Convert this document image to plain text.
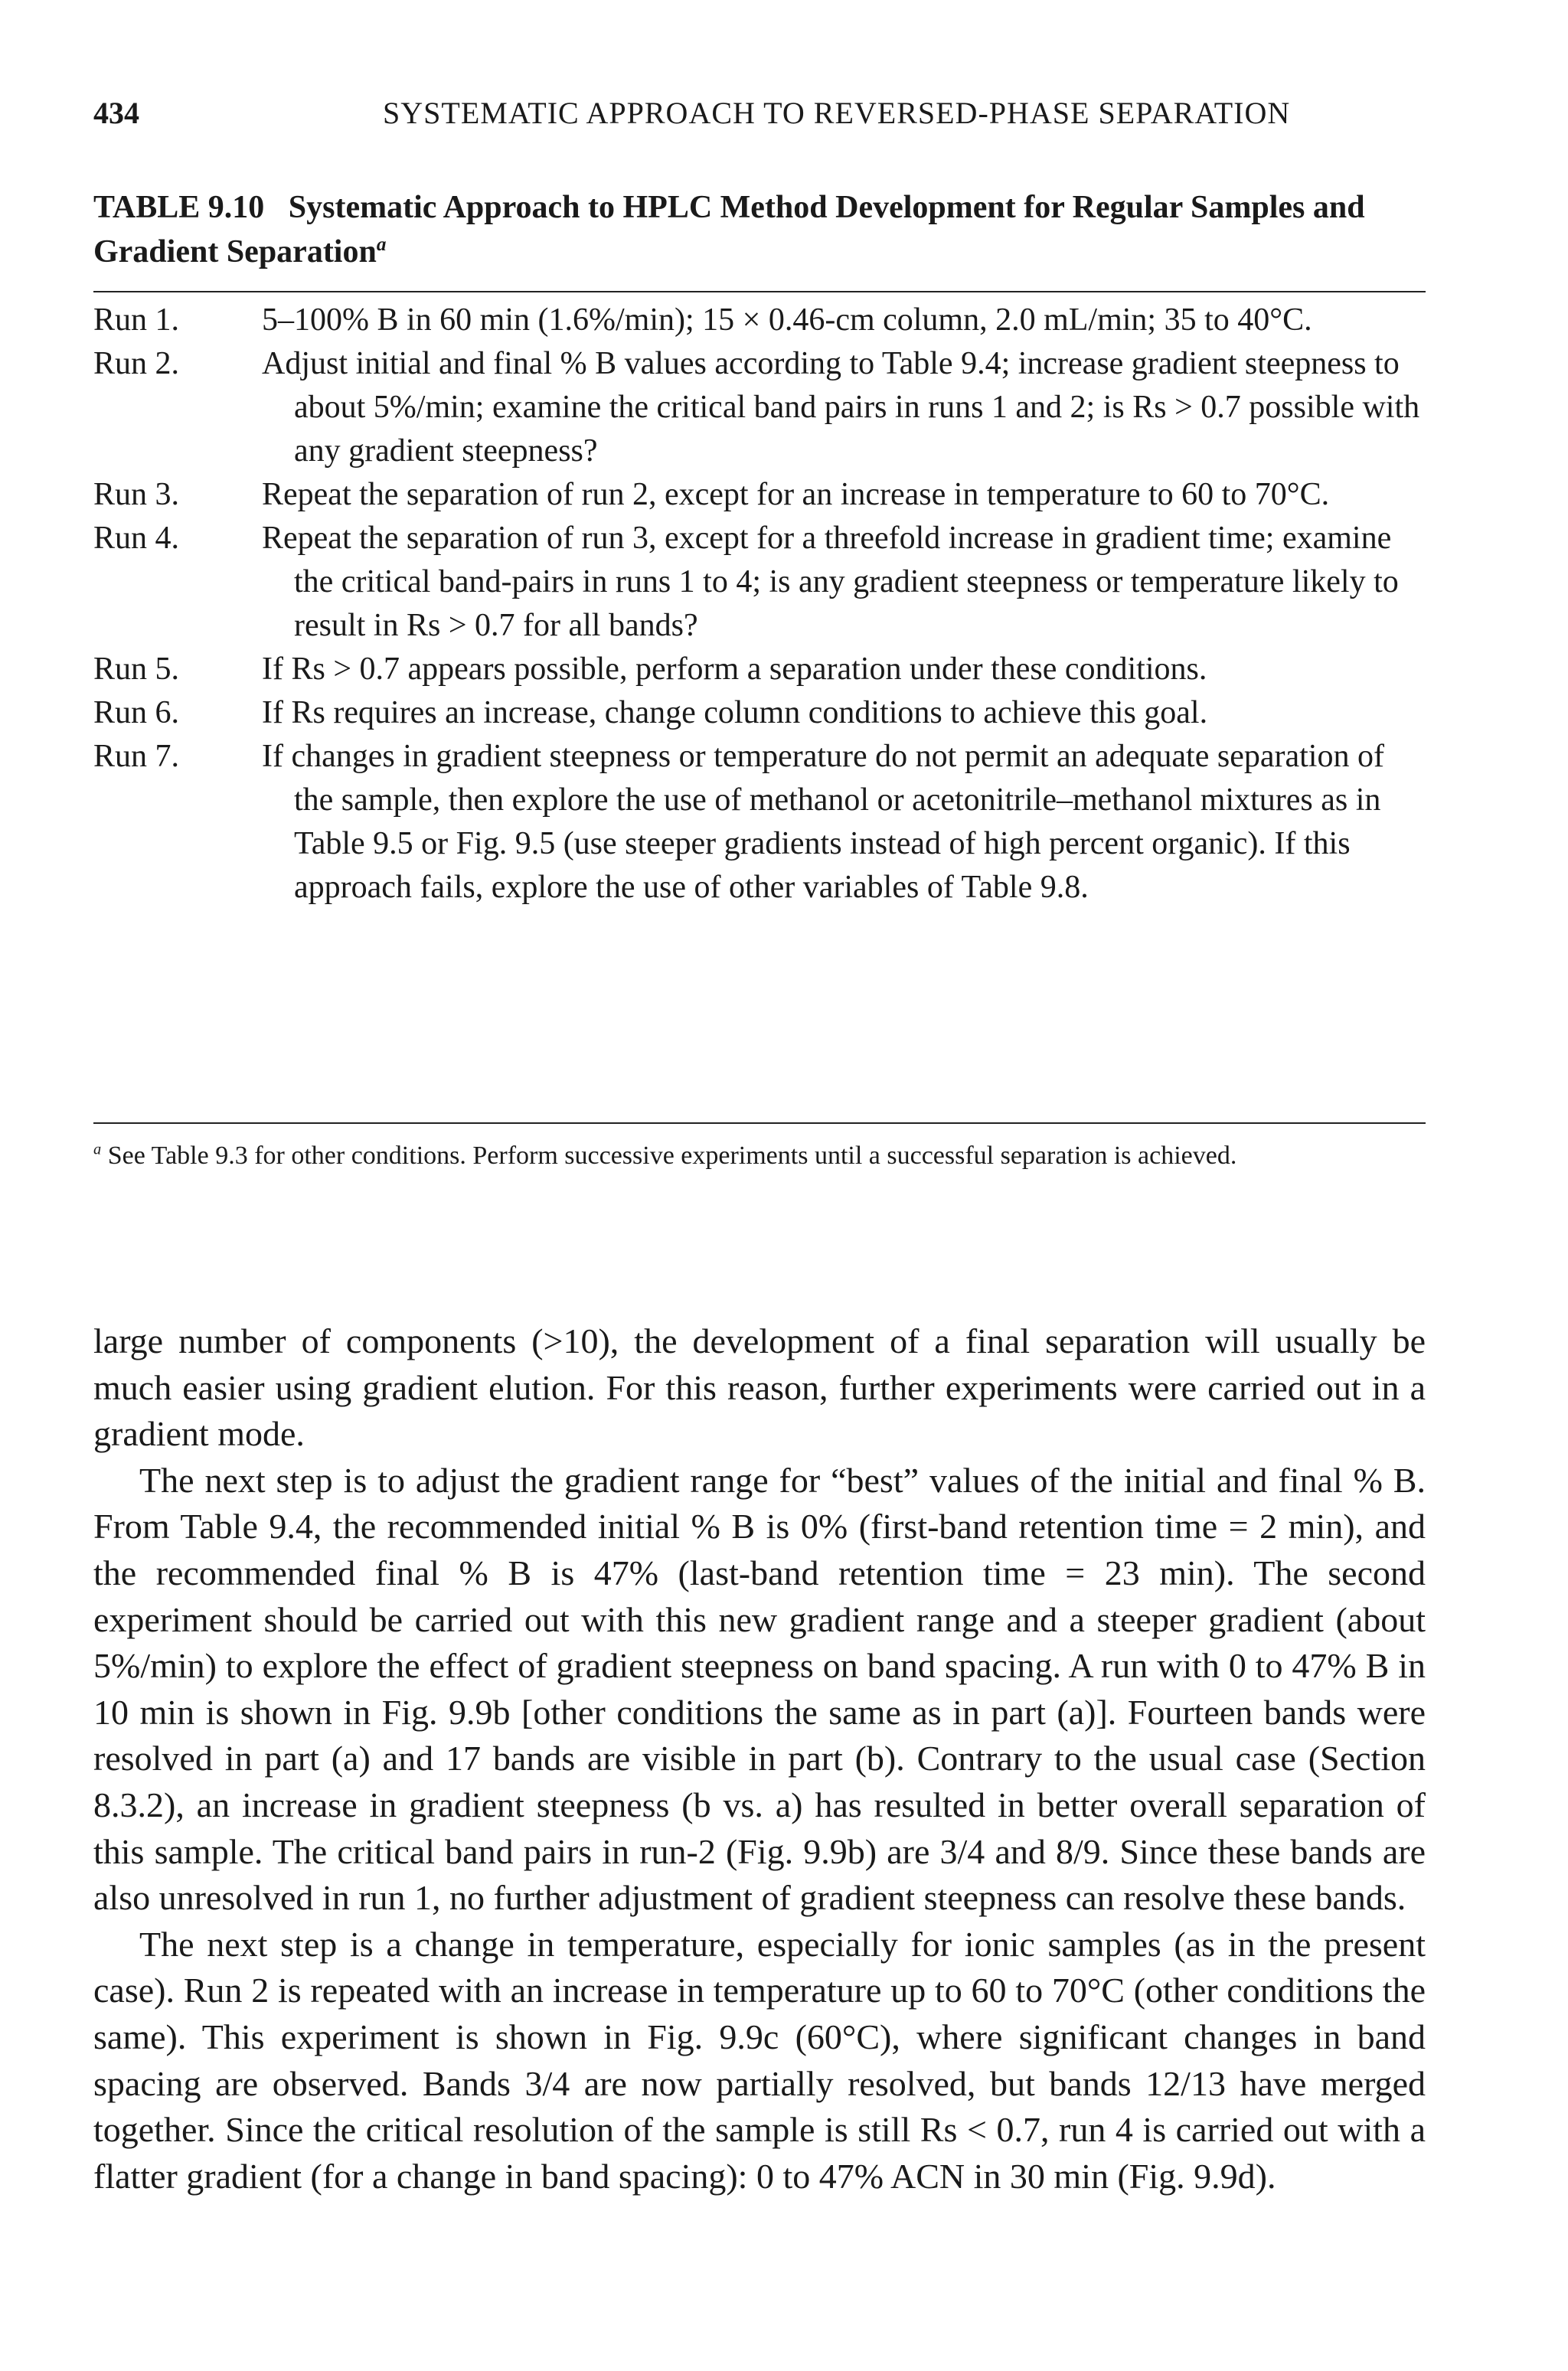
434	SYSTEMATIC APPROACH TO REVERSED-PHASE SEPARATION
TABLE 9.10 Systematic Approach to HPLC Method Development for Regular Samples and Gradient Separation$^a$
Run 1.	5–100% B in 60 min (1.6%/min); 15 × 0.46-cm column, 2.0 mL/min; 35 to 40°C.
Run 2.	Adjust initial and final % B values according to Table 9.4; increase gradient steepness to about 5%/min; examine the critical band pairs in runs 1 and 2; is Rs > 0.7 possible with any gradient steepness?
Run 3.	Repeat the separation of run 2, except for an increase in temperature to 60 to 70°C.
Run 4.	Repeat the separation of run 3, except for a threefold increase in gradient time; examine the critical band-pairs in runs 1 to 4; is any gradient steepness or temperature likely to result in Rs > 0.7 for all bands?
Run 5.	If Rs > 0.7 appears possible, perform a separation under these conditions.
Run 6.	If Rs requires an increase, change column conditions to achieve this goal.
Run 7.	If changes in gradient steepness or temperature do not permit an adequate separation of the sample, then explore the use of methanol or acetonitrile–methanol mixtures as in Table 9.5 or Fig. 9.5 (use steeper gradients instead of high percent organic). If this approach fails, explore the use of other variables of Table 9.8.
$^a$ See Table 9.3 for other conditions. Perform successive experiments until a successful separation is achieved.

large number of components (>10), the development of a final separation will usually be much easier using gradient elution. For this reason, further experiments were carried out in a gradient mode.

The next step is to adjust the gradient range for “best” values of the initial and final % B. From Table 9.4, the recommended initial % B is 0% (first-band retention time = 2 min), and the recommended final % B is 47% (last-band retention time = 23 min). The second experiment should be carried out with this new gradient range and a steeper gradient (about 5%/min) to explore the effect of gradient steepness on band spacing. A run with 0 to 47% B in 10 min is shown in Fig. 9.9b [other conditions the same as in part (a)]. Fourteen bands were resolved in part (a) and 17 bands are visible in part (b). Contrary to the usual case (Section 8.3.2), an increase in gradient steepness (b vs. a) has resulted in better overall separation of this sample. The critical band pairs in run-2 (Fig. 9.9b) are 3/4 and 8/9. Since these bands are also unresolved in run 1, no further adjustment of gradient steepness can resolve these bands.

The next step is a change in temperature, especially for ionic samples (as in the present case). Run 2 is repeated with an increase in temperature up to 60 to 70°C (other conditions the same). This experiment is shown in Fig. 9.9c (60°C), where significant changes in band spacing are observed. Bands 3/4 are now partially resolved, but bands 12/13 have merged together. Since the critical resolution of the sample is still Rs < 0.7, run 4 is carried out with a flatter gradient (for a change in band spacing): 0 to 47% ACN in 30 min (Fig. 9.9d).
